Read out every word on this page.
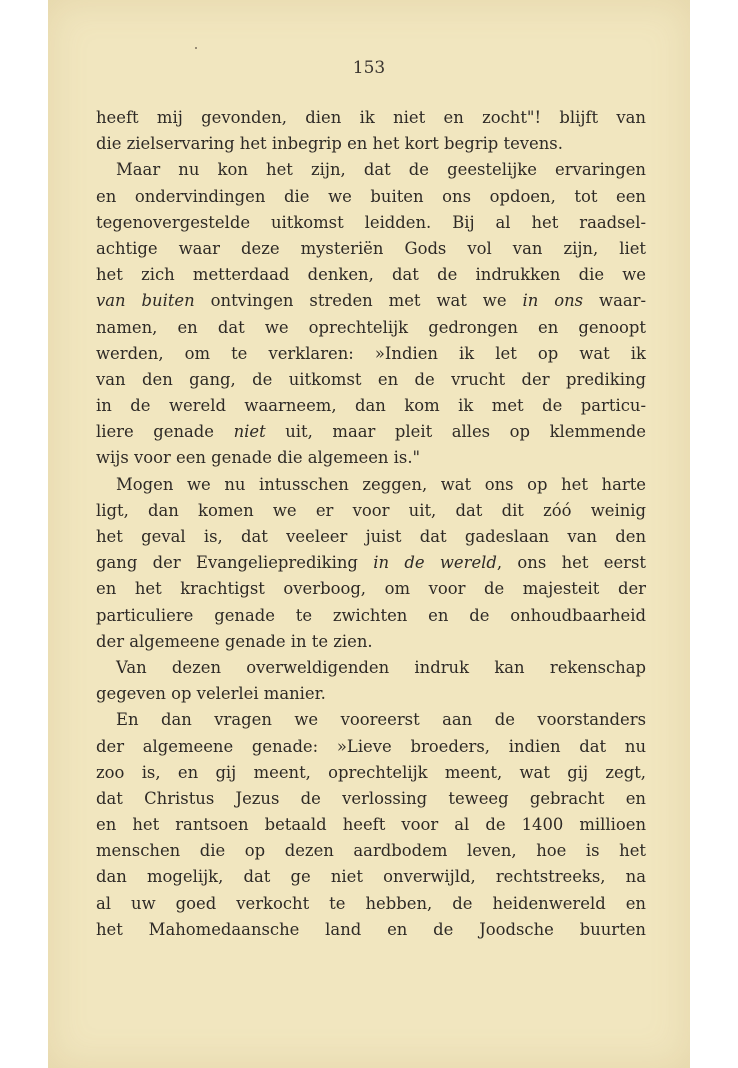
153
heeft mij gevonden, dien ik niet en zocht"! blijft van
die zielservaring het inbegrip en het kort begrip tevens.
Maar nu kon het zijn, dat de geestelijke ervaringen
en ondervindingen die we buiten ons opdoen, tot een
tegenovergestelde uitkomst leidden. Bij al het raadsel-
achtige waar deze mysteriën Gods vol van zijn, liet
het zich metterdaad denken, dat de indrukken die we
van buiten ontvingen streden met wat we in ons waar-
namen, en dat we oprechtelijk gedrongen en genoopt
werden, om te verklaren: »Indien ik let op wat ik
van den gang, de uitkomst en de vrucht der prediking
in de wereld waarneem, dan kom ik met de particu-
liere genade niet uit, maar pleit alles op klemmende
wijs voor een genade die algemeen is."
Mogen we nu intusschen zeggen, wat ons op het harte
ligt, dan komen we er voor uit, dat dit zóó weinig
het geval is, dat veeleer juist dat gadeslaan van den
gang der Evangelieprediking in de wereld, ons het eerst
en het krachtigst overboog, om voor de majesteit der
particuliere genade te zwichten en de onhoudbaarheid
der algemeene genade in te zien.
Van dezen overweldigenden indruk kan rekenschap
gegeven op velerlei manier.
En dan vragen we vooreerst aan de voorstanders
der algemeene genade: »Lieve broeders, indien dat nu
zoo is, en gij meent, oprechtelijk meent, wat gij zegt,
dat Christus Jezus de verlossing teweeg gebracht en
en het rantsoen betaald heeft voor al de 1400 millioen
menschen die op dezen aardbodem leven, hoe is het
dan mogelijk, dat ge niet onverwijld, rechtstreeks, na
al uw goed verkocht te hebben, de heidenwereld en
het Mahomedaansche land en de Joodsche buurten
